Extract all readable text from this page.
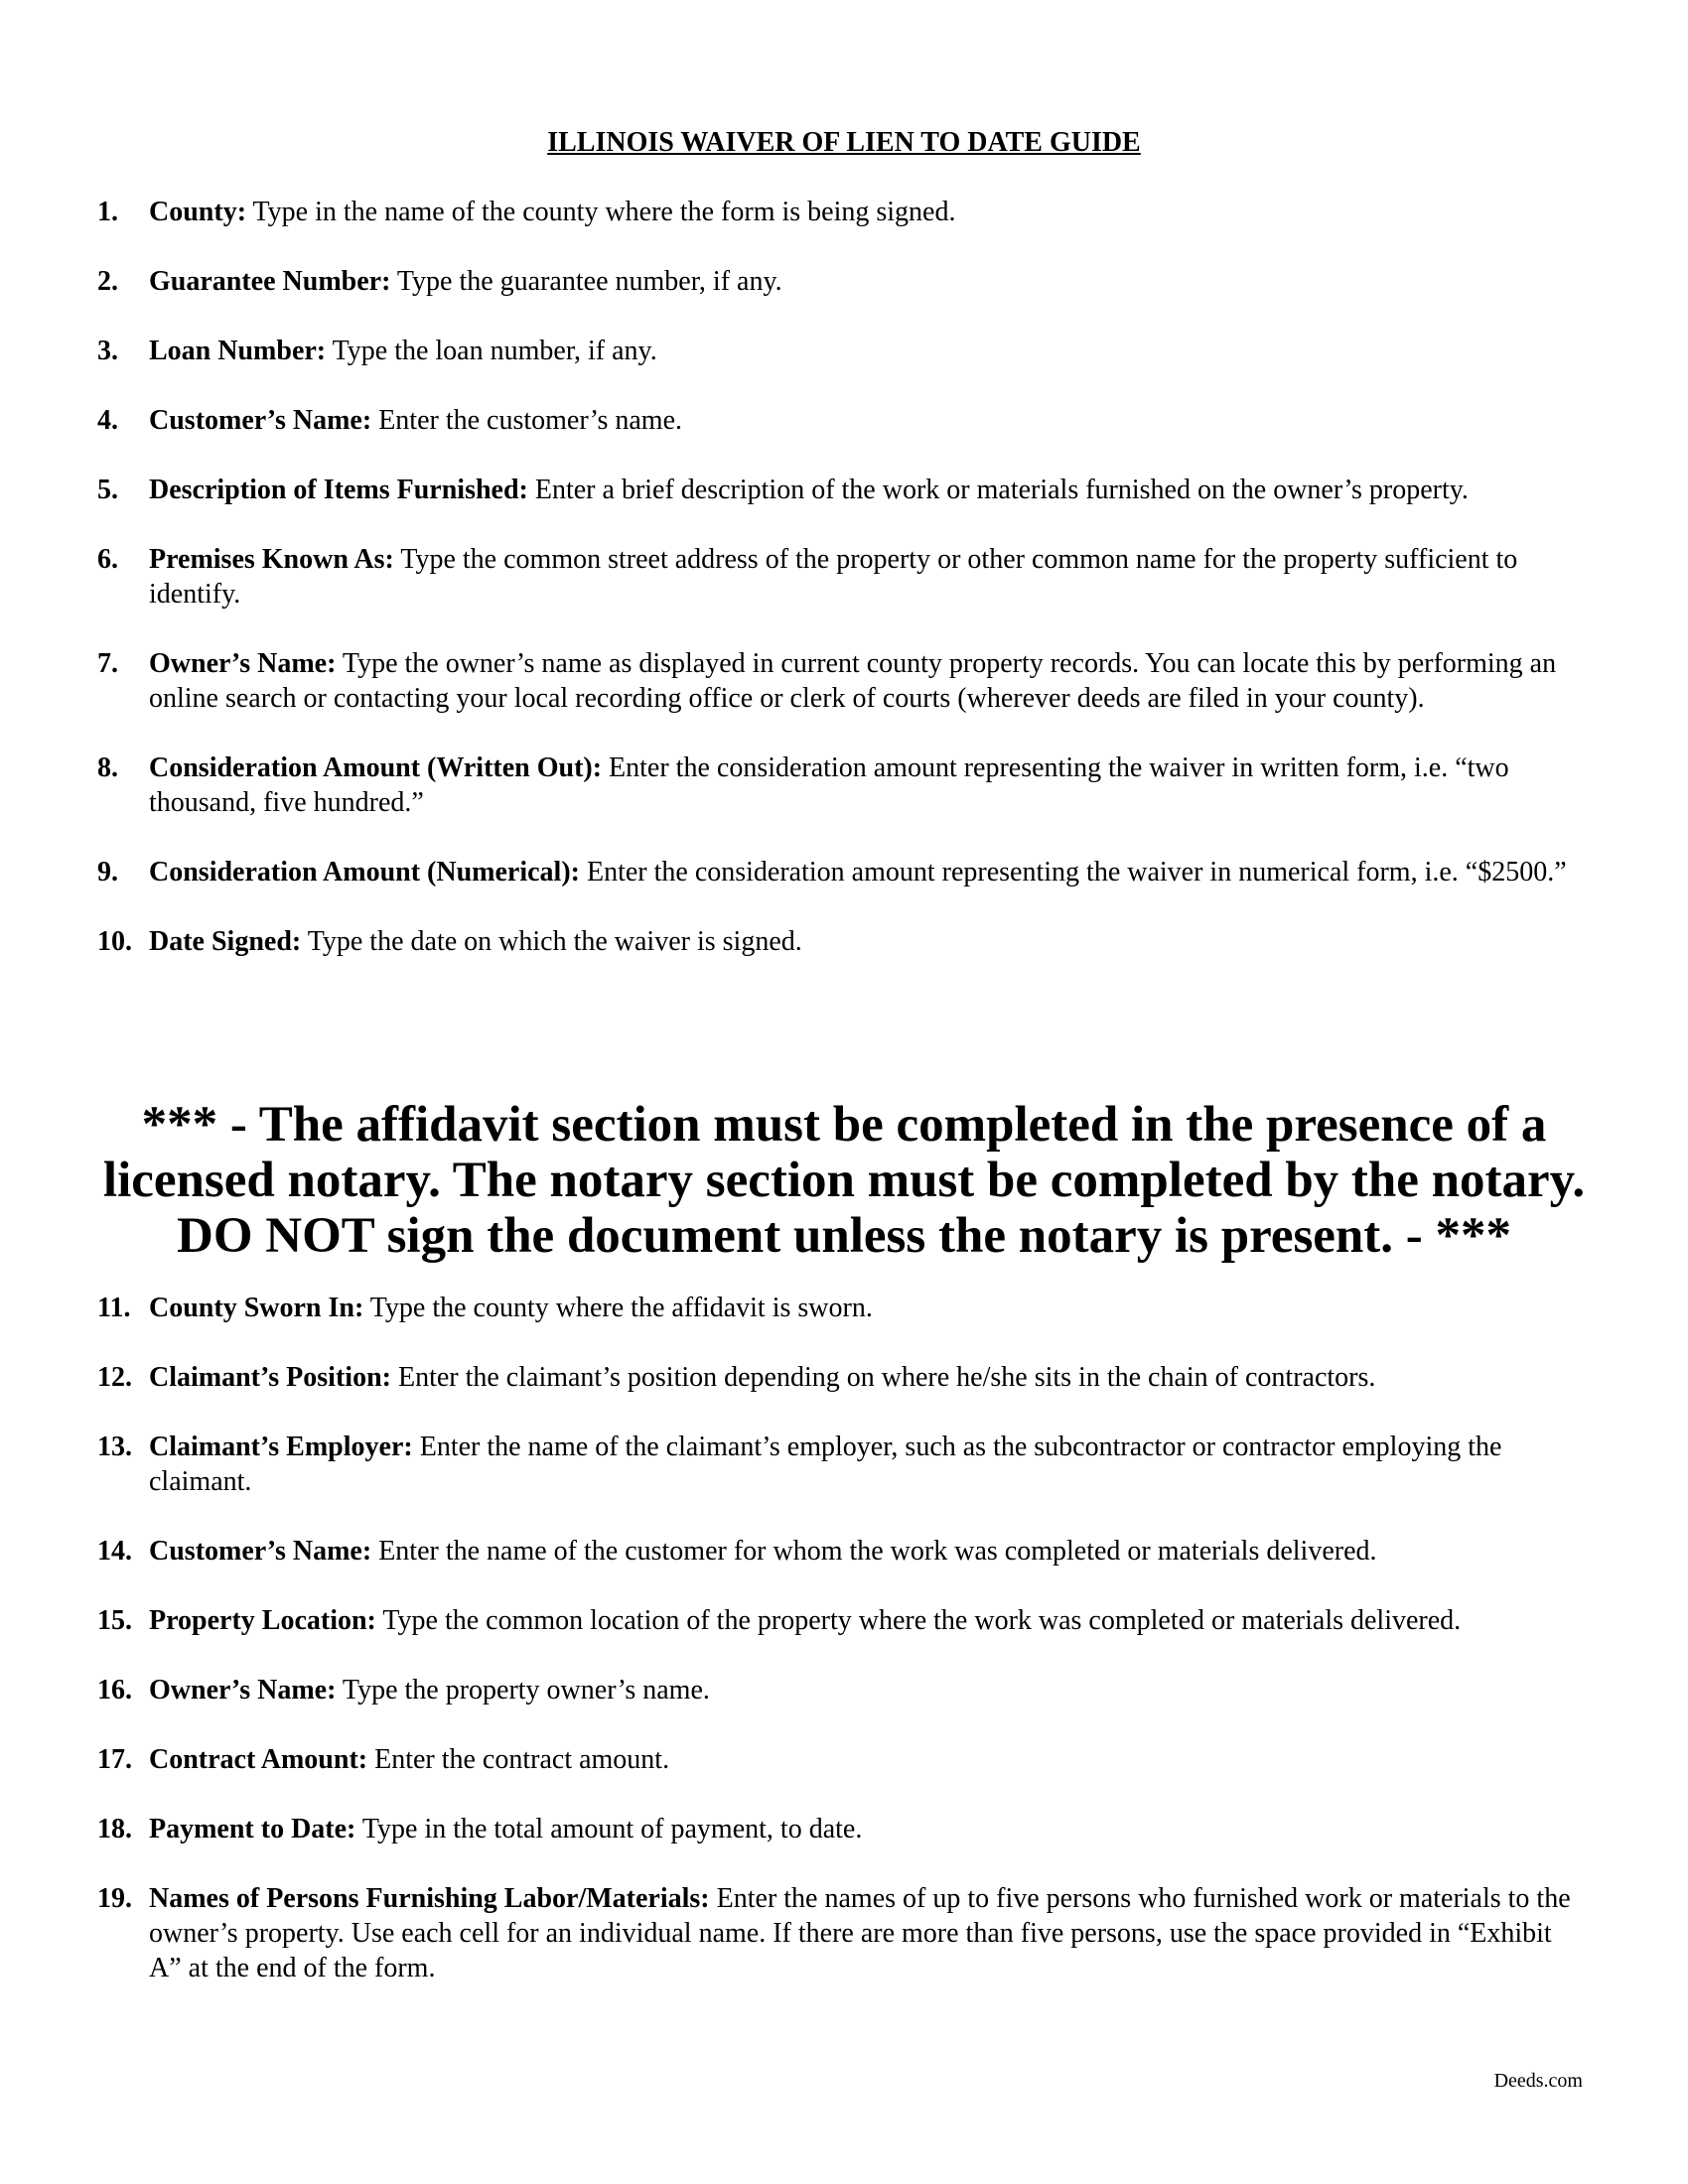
ILLINOIS WAIVER OF LIEN TO DATE GUIDE
1. County: Type in the name of the county where the form is being signed.
2. Guarantee Number: Type the guarantee number, if any.
3. Loan Number: Type the loan number, if any.
4. Customer’s Name: Enter the customer’s name.
5. Description of Items Furnished: Enter a brief description of the work or materials furnished on the owner’s property.
6. Premises Known As: Type the common street address of the property or other common name for the property sufficient to identify.
7. Owner’s Name: Type the owner’s name as displayed in current county property records. You can locate this by performing an online search or contacting your local recording office or clerk of courts (wherever deeds are filed in your county).
8. Consideration Amount (Written Out): Enter the consideration amount representing the waiver in written form, i.e. “two thousand, five hundred.”
9. Consideration Amount (Numerical): Enter the consideration amount representing the waiver in numerical form, i.e. “$2500.”
10. Date Signed: Type the date on which the waiver is signed.
*** - The affidavit section must be completed in the presence of a
licensed notary. The notary section must be completed by the notary.
DO NOT sign the document unless the notary is present. - ***
11. County Sworn In: Type the county where the affidavit is sworn.
12. Claimant’s Position: Enter the claimant’s position depending on where he/she sits in the chain of contractors.
13. Claimant’s Employer: Enter the name of the claimant’s employer, such as the subcontractor or contractor employing the claimant.
14. Customer’s Name: Enter the name of the customer for whom the work was completed or materials delivered.
15. Property Location: Type the common location of the property where the work was completed or materials delivered.
16. Owner’s Name: Type the property owner’s name.
17. Contract Amount: Enter the contract amount.
18. Payment to Date: Type in the total amount of payment, to date.
19. Names of Persons Furnishing Labor/Materials: Enter the names of up to five persons who furnished work or materials to the owner’s property. Use each cell for an individual name. If there are more than five persons, use the space provided in “Exhibit A” at the end of the form.
Deeds.com
